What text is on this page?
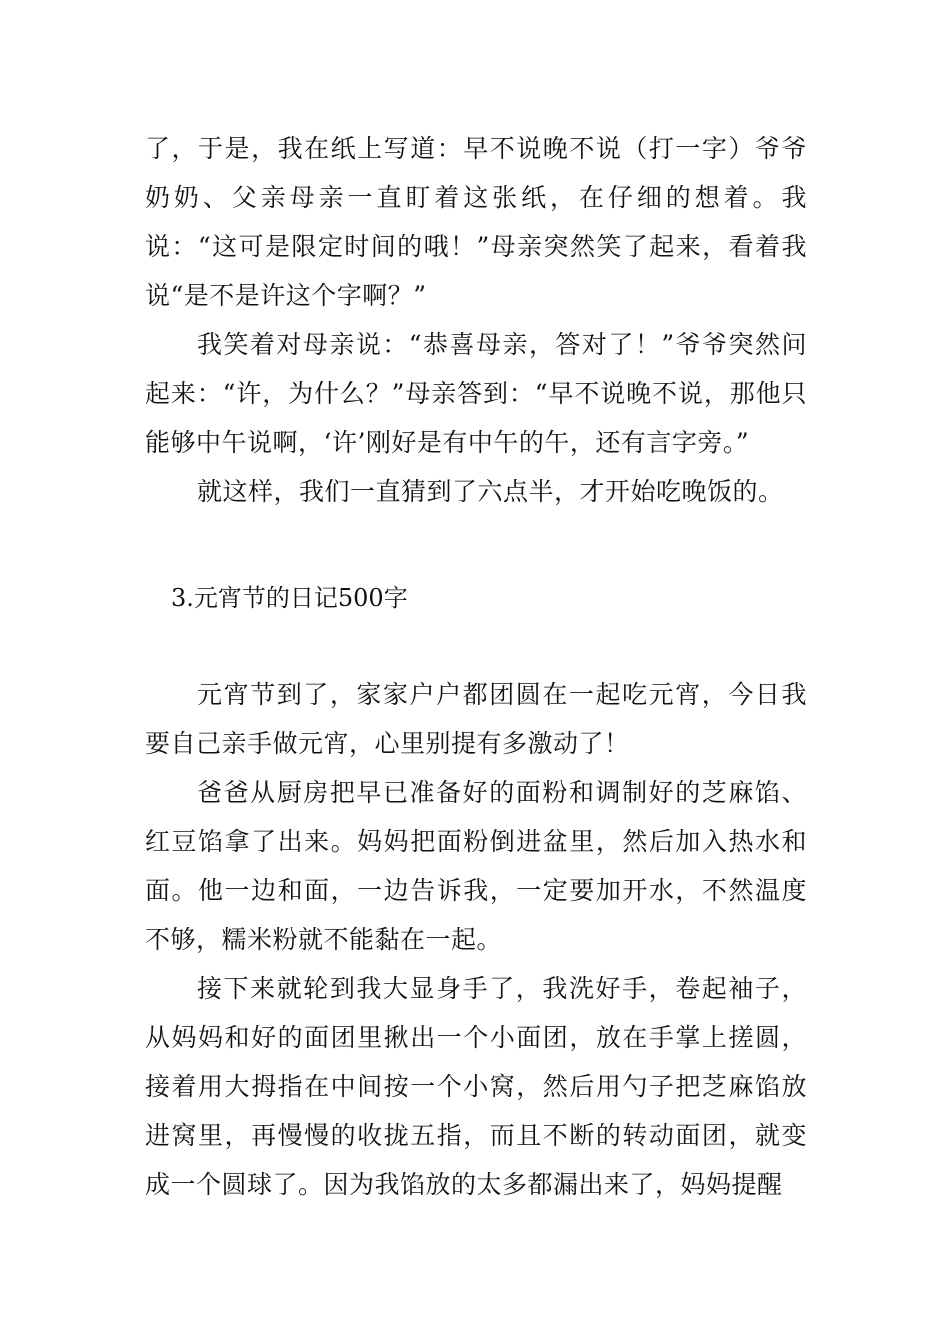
了，于是，我在纸上写道：早不说晚不说（打一字）爷爷奶奶、父亲母亲一直盯着这张纸，在仔细的想着。我说：“这可是限定时间的哦！”母亲突然笑了起来，看着我说“是不是许这个字啊？”

我笑着对母亲说：“恭喜母亲，答对了！”爷爷突然问起来：“许，为什么？”母亲答到：“早不说晚不说，那他只能够中午说啊，‘许’刚好是有中午的午，还有言字旁。”

就这样，我们一直猜到了六点半，才开始吃晚饭的。

3.元宵节的日记500字

元宵节到了，家家户户都团圆在一起吃元宵，今日我要自己亲手做元宵，心里别提有多激动了！

爸爸从厨房把早已准备好的面粉和调制好的芝麻馅、红豆馅拿了出来。妈妈把面粉倒进盆里，然后加入热水和面。他一边和面，一边告诉我，一定要加开水，不然温度不够，糯米粉就不能黏在一起。

接下来就轮到我大显身手了，我洗好手，卷起袖子，从妈妈和好的面团里揪出一个小面团，放在手掌上搓圆，接着用大拇指在中间按一个小窝，然后用勺子把芝麻馅放进窝里，再慢慢的收拢五指，而且不断的转动面团，就变成一个圆球了。因为我馅放的太多都漏出来了，妈妈提醒
